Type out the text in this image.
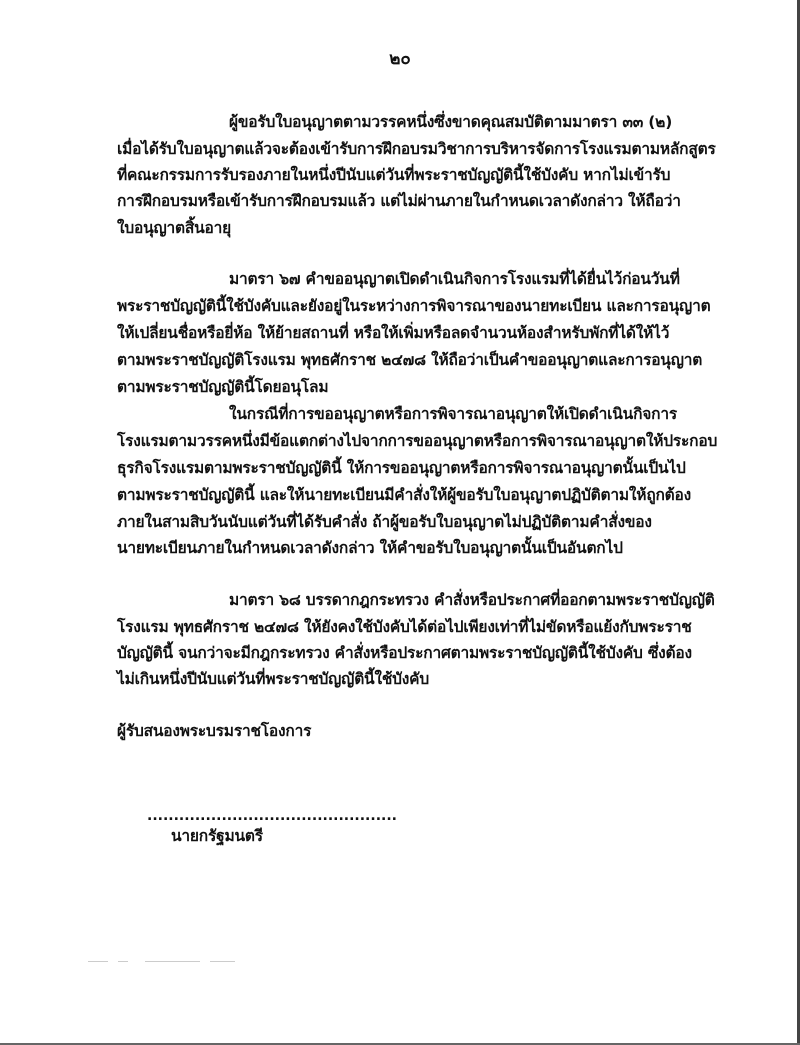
๒๐
ผู้ขอรับใบอนุญาตตามวรรคหนึ่งซึ่งขาดคุณสมบัติตามมาตรา ๓๓ (๒)
เมื่อได้รับใบอนุญาตแล้วจะต้องเข้ารับการฝึกอบรมวิชาการบริหารจัดการโรงแรมตามหลักสูตร
ที่คณะกรรมการรับรองภายในหนึ่งปีนับแต่วันที่พระราชบัญญัตินี้ใช้บังคับ หากไม่เข้ารับ
การฝึกอบรมหรือเข้ารับการฝึกอบรมแล้ว แต่ไม่ผ่านภายในกำหนดเวลาดังกล่าว ให้ถือว่า
ใบอนุญาตสิ้นอายุ
มาตรา ๖๗ คำขออนุญาตเปิดดำเนินกิจการโรงแรมที่ได้ยื่นไว้ก่อนวันที่
พระราชบัญญัตินี้ใช้บังคับและยังอยู่ในระหว่างการพิจารณาของนายทะเบียน และการอนุญาต
ให้เปลี่ยนชื่อหรือยี่ห้อ ให้ย้ายสถานที่ หรือให้เพิ่มหรือลดจำนวนห้องสำหรับพักที่ได้ให้ไว้
ตามพระราชบัญญัติโรงแรม พุทธศักราช ๒๔๗๘ ให้ถือว่าเป็นคำขออนุญาตและการอนุญาต
ตามพระราชบัญญัตินี้โดยอนุโลม
ในกรณีที่การขออนุญาตหรือการพิจารณาอนุญาตให้เปิดดำเนินกิจการ
โรงแรมตามวรรคหนึ่งมีข้อแตกต่างไปจากการขออนุญาตหรือการพิจารณาอนุญาตให้ประกอบ
ธุรกิจโรงแรมตามพระราชบัญญัตินี้ ให้การขออนุญาตหรือการพิจารณาอนุญาตนั้นเป็นไป
ตามพระราชบัญญัตินี้ และให้นายทะเบียนมีคำสั่งให้ผู้ขอรับใบอนุญาตปฏิบัติตามให้ถูกต้อง
ภายในสามสิบวันนับแต่วันที่ได้รับคำสั่ง ถ้าผู้ขอรับใบอนุญาตไม่ปฏิบัติตามคำสั่งของ
นายทะเบียนภายในกำหนดเวลาดังกล่าว ให้คำขอรับใบอนุญาตนั้นเป็นอันตกไป
มาตรา ๖๘ บรรดากฎกระทรวง คำสั่งหรือประกาศที่ออกตามพระราชบัญญัติ
โรงแรม พุทธศักราช ๒๔๗๘ ให้ยังคงใช้บังคับได้ต่อไปเพียงเท่าที่ไม่ขัดหรือแย้งกับพระราช
บัญญัตินี้ จนกว่าจะมีกฎกระทรวง คำสั่งหรือประกาศตามพระราชบัญญัตินี้ใช้บังคับ ซึ่งต้อง
ไม่เกินหนึ่งปีนับแต่วันที่พระราชบัญญัตินี้ใช้บังคับ
ผู้รับสนองพระบรมราชโองการ
...............................................
นายกรัฐมนตรี
